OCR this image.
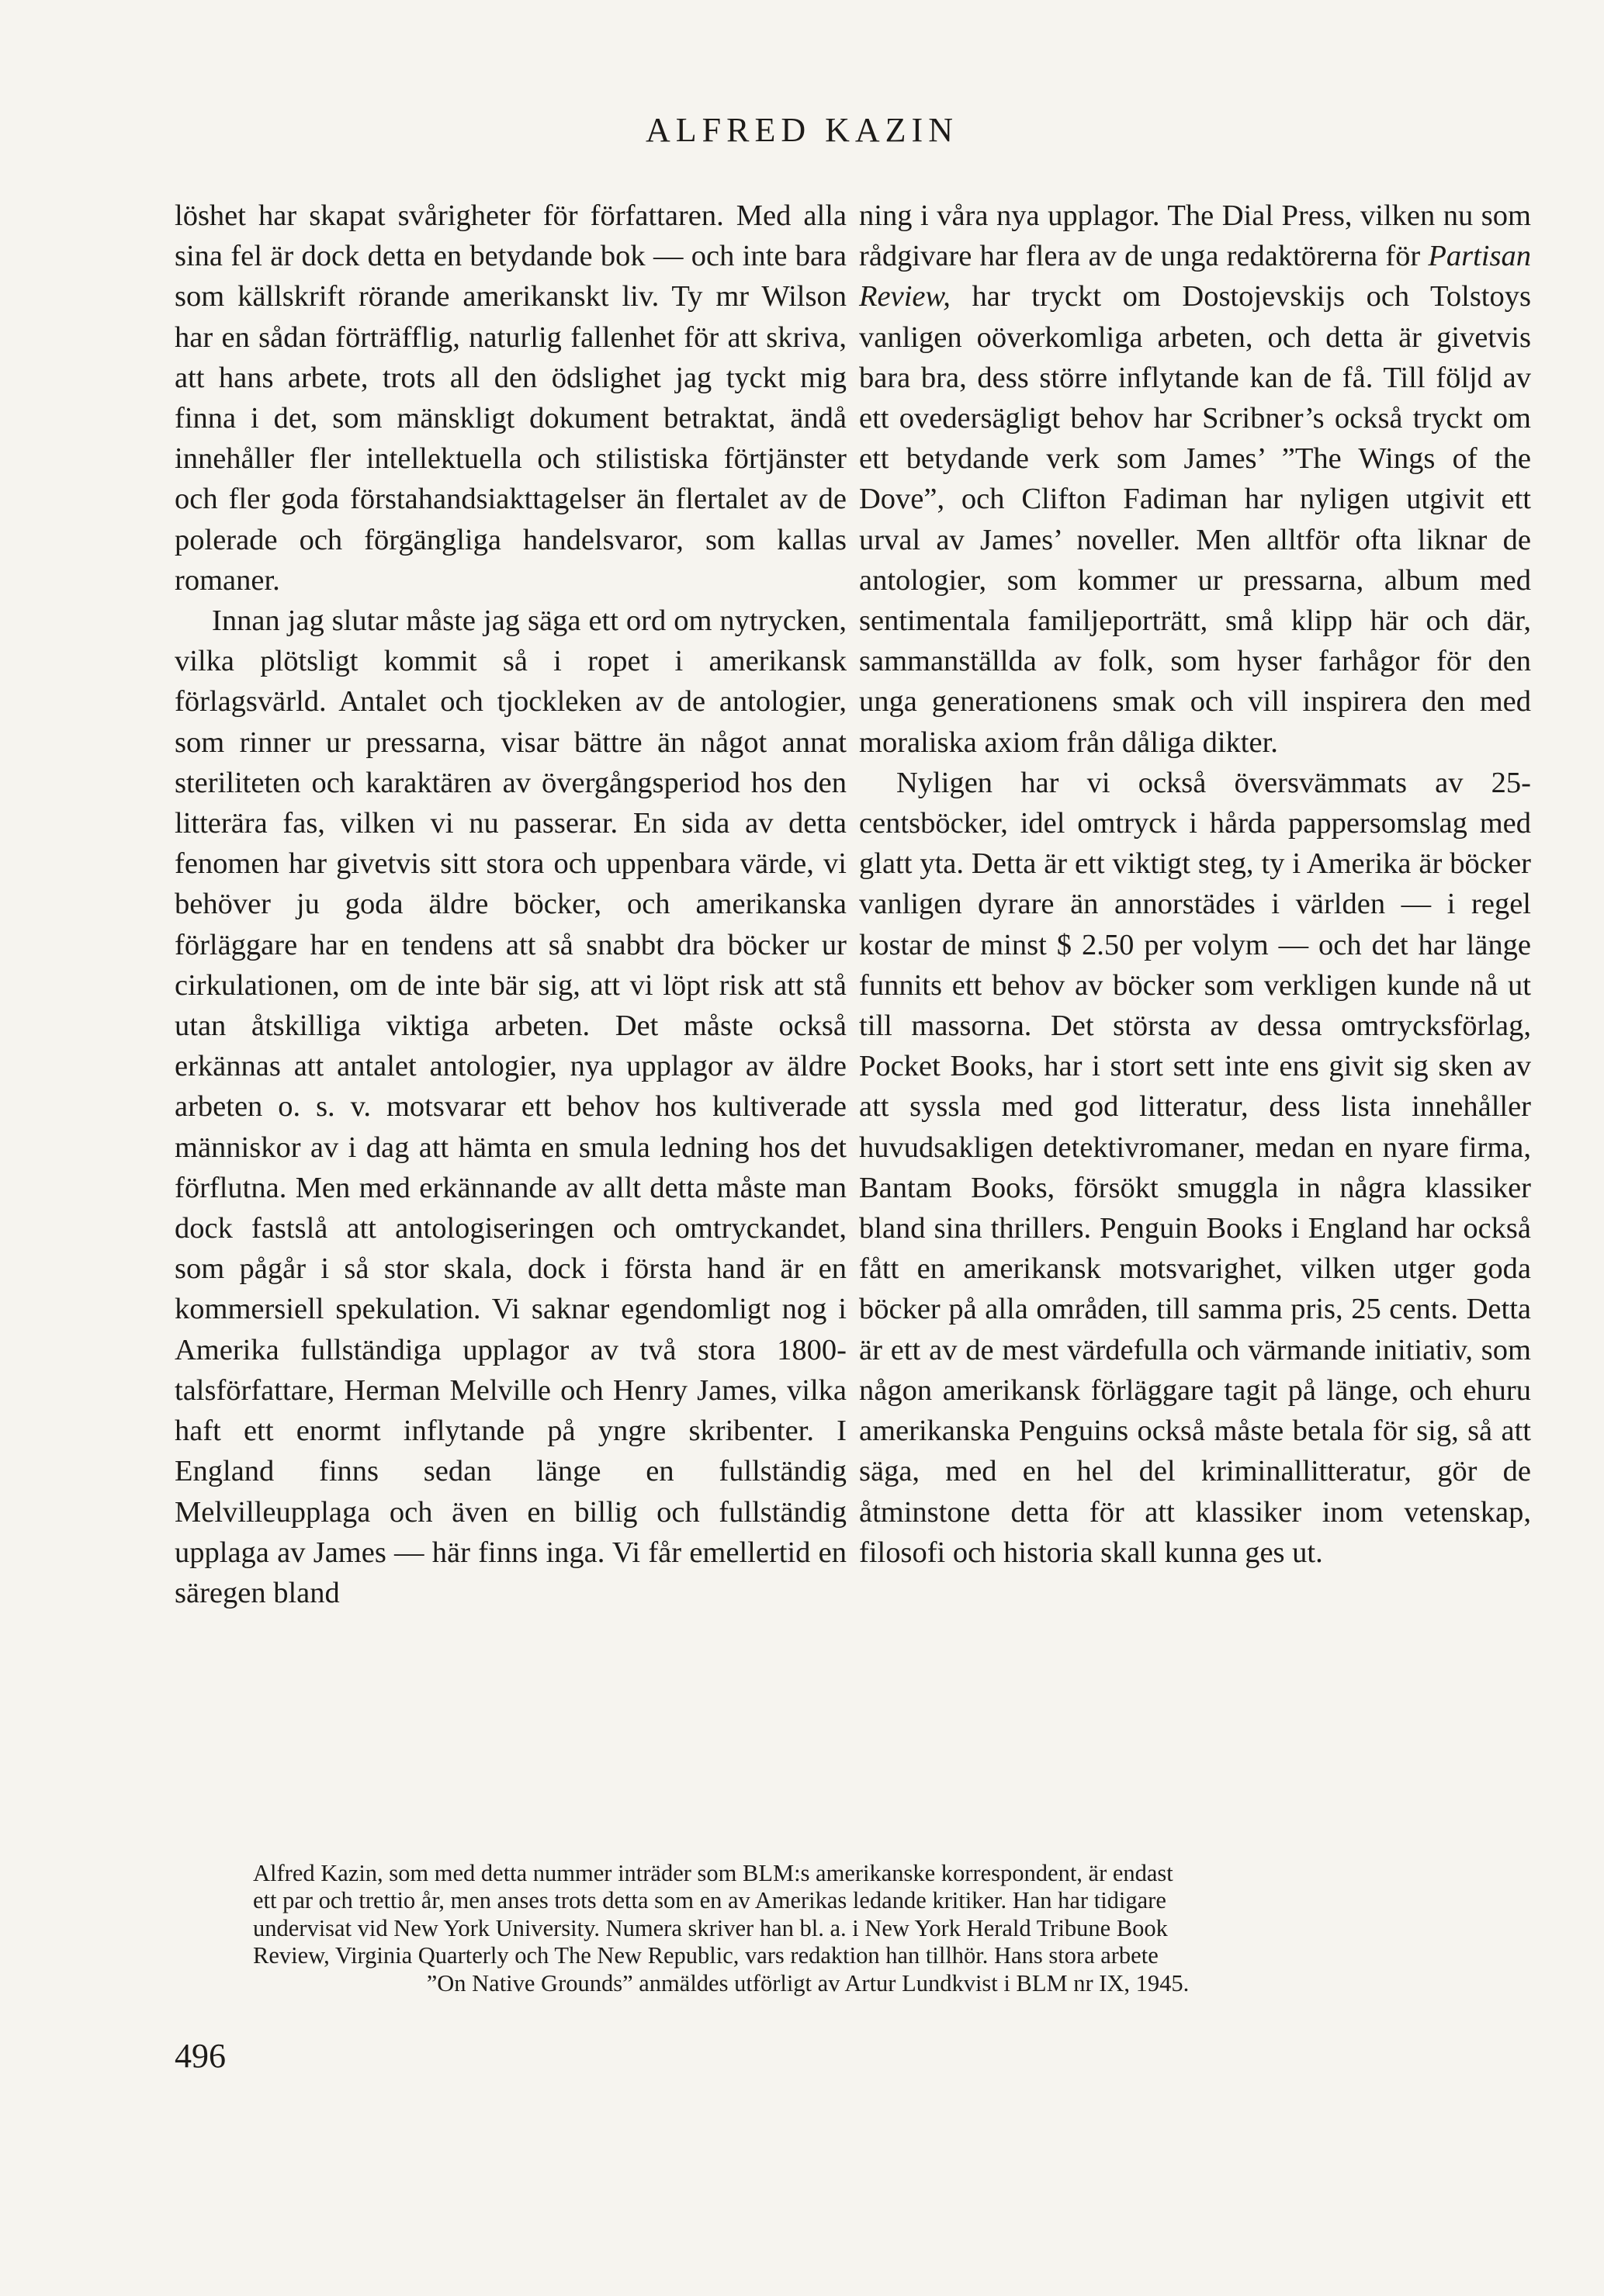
ALFRED KAZIN

löshet har skapat svårigheter för författaren. Med alla sina fel är dock detta en betydande bok — och inte bara som källskrift rörande amerikanskt liv. Ty mr Wilson har en sådan förträfflig, naturlig fallenhet för att skriva, att hans arbete, trots all den ödslighet jag tyckt mig finna i det, som mänskligt dokument betraktat, ändå innehåller fler intellektuella och stilistiska förtjänster och fler goda förstahandsiakttagelser än flertalet av de polerade och förgängliga handelsvaror, som kallas romaner.

Innan jag slutar måste jag säga ett ord om nytrycken, vilka plötsligt kommit så i ropet i amerikansk förlagsvärld. Antalet och tjockleken av de antologier, som rinner ur pressarna, visar bättre än något annat steriliteten och karaktären av övergångsperiod hos den litterära fas, vilken vi nu passerar. En sida av detta fenomen har givetvis sitt stora och uppenbara värde, vi behöver ju goda äldre böcker, och amerikanska förläggare har en tendens att så snabbt dra böcker ur cirkulationen, om de inte bär sig, att vi löpt risk att stå utan åtskilliga viktiga arbeten. Det måste också erkännas att antalet antologier, nya upplagor av äldre arbeten o. s. v. motsvarar ett behov hos kultiverade människor av i dag att hämta en smula ledning hos det förflutna. Men med erkännande av allt detta måste man dock fastslå att antologiseringen och omtryckandet, som pågår i så stor skala, dock i första hand är en kommersiell spekulation. Vi saknar egendomligt nog i Amerika fullständiga upplagor av två stora 1800-talsförfattare, Herman Melville och Henry James, vilka haft ett enormt inflytande på yngre skribenter. I England finns sedan länge en fullständig Melvilleupplaga och även en billig och fullständig upplaga av James — här finns inga. Vi får emellertid en säregen bland

ning i våra nya upplagor. The Dial Press, vilken nu som rådgivare har flera av de unga redaktörerna för Partisan Review, har tryckt om Dostojevskijs och Tolstoys vanligen oöverkomliga arbeten, och detta är givetvis bara bra, dess större inflytande kan de få. Till följd av ett ovedersägligt behov har Scribner’s också tryckt om ett betydande verk som James’ ”The Wings of the Dove”, och Clifton Fadiman har nyligen utgivit ett urval av James’ noveller. Men alltför ofta liknar de antologier, som kommer ur pressarna, album med sentimentala familjeporträtt, små klipp här och där, sammanställda av folk, som hyser farhågor för den unga generationens smak och vill inspirera den med moraliska axiom från dåliga dikter.

Nyligen har vi också översvämmats av 25-centsböcker, idel omtryck i hårda pappersomslag med glatt yta. Detta är ett viktigt steg, ty i Amerika är böcker vanligen dyrare än annorstädes i världen — i regel kostar de minst $ 2.50 per volym — och det har länge funnits ett behov av böcker som verkligen kunde nå ut till massorna. Det största av dessa omtrycksförlag, Pocket Books, har i stort sett inte ens givit sig sken av att syssla med god litteratur, dess lista innehåller huvudsakligen detektivromaner, medan en nyare firma, Bantam Books, försökt smuggla in några klassiker bland sina thrillers. Penguin Books i England har också fått en amerikansk motsvarighet, vilken utger goda böcker på alla områden, till samma pris, 25 cents. Detta är ett av de mest värdefulla och värmande initiativ, som någon amerikansk förläggare tagit på länge, och ehuru amerikanska Penguins också måste betala för sig, så att säga, med en hel del kriminallitteratur, gör de åtminstone detta för att klassiker inom vetenskap, filosofi och historia skall kunna ges ut.

Alfred Kazin, som med detta nummer inträder som BLM:s amerikanske korrespondent, är endast
ett par och trettio år, men anses trots detta som en av Amerikas ledande kritiker. Han har tidigare
undervisat vid New York University. Numera skriver han bl. a. i New York Herald Tribune Book
Review, Virginia Quarterly och The New Republic, vars redaktion han tillhör. Hans stora arbete
”On Native Grounds” anmäldes utförligt av Artur Lundkvist i BLM nr IX, 1945.
496
